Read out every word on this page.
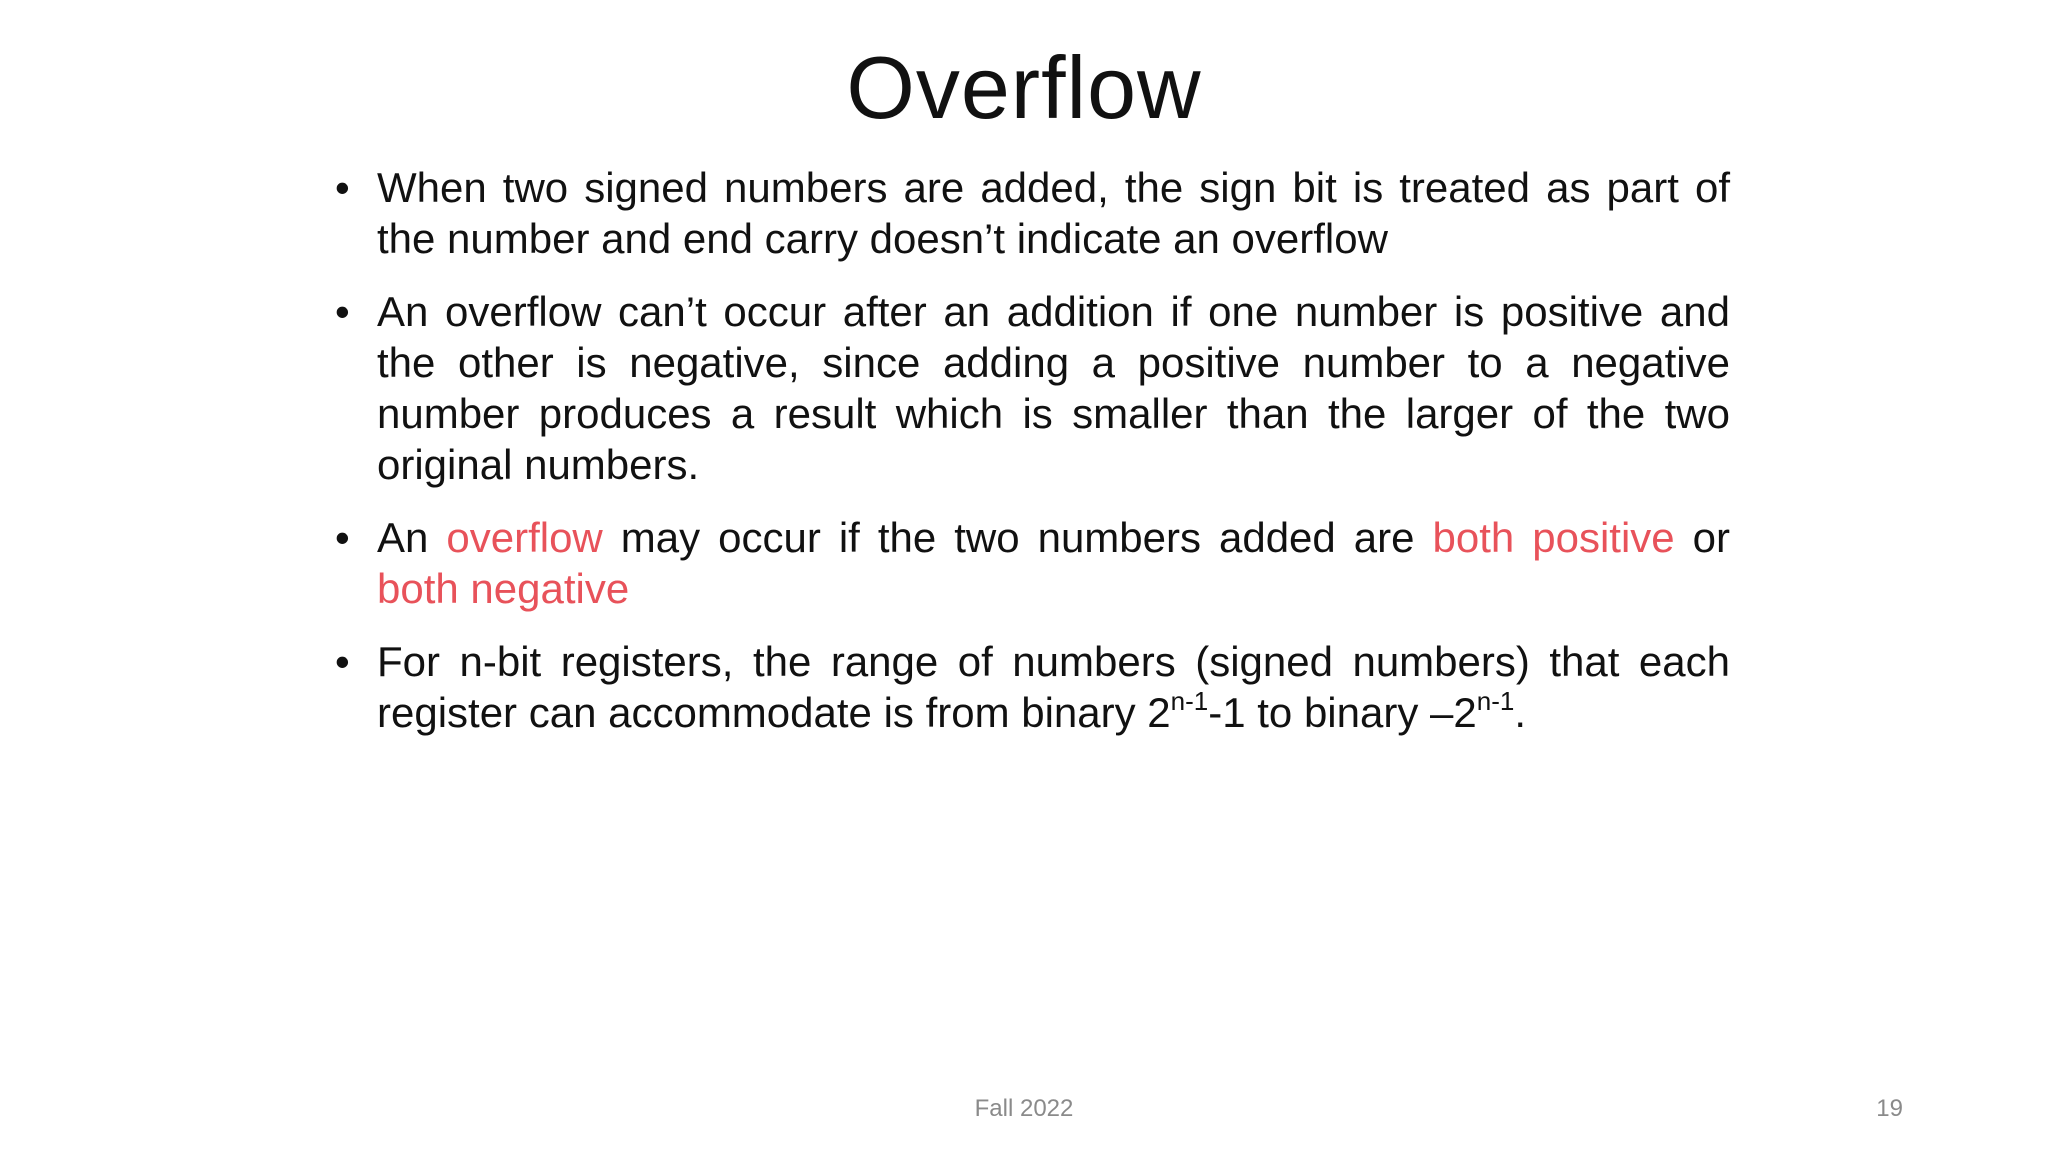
Overflow
• When two signed numbers are added, the sign bit is treated as part of the number and end carry doesn’t indicate an overflow
• An overflow can’t occur after an addition if one number is positive and the other is negative, since adding a positive number to a negative number produces a result which is smaller than the larger of the two original numbers.
• An overflow may occur if the two numbers added are both positive or both negative
• For n-bit registers, the range of numbers (signed numbers) that each register can accommodate is from binary 2$^{n-1}$-1 to binary –2$^{n-1}$.
Fall 2022	19
